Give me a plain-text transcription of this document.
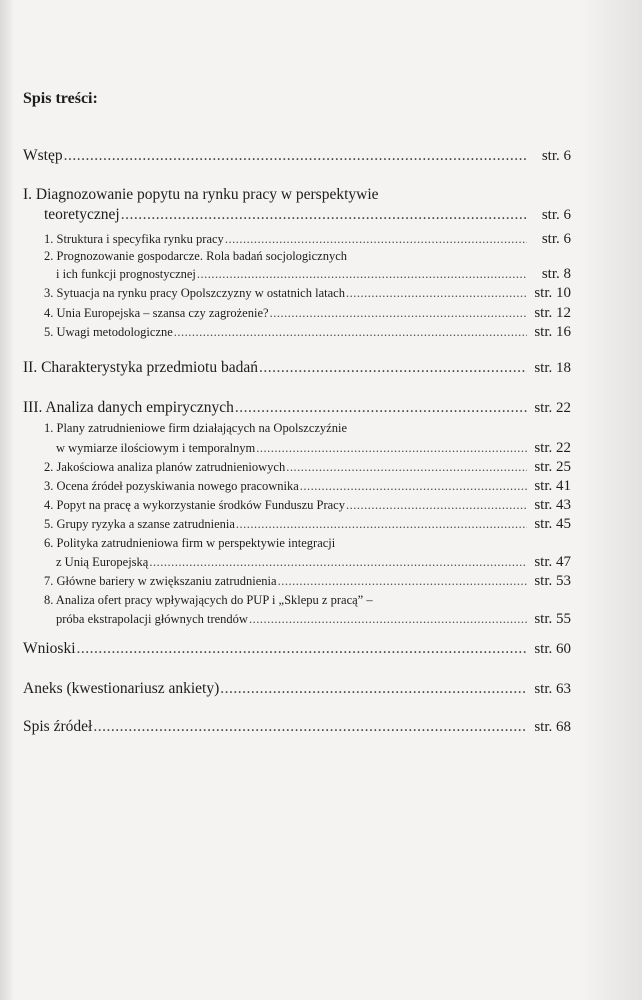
Spis treści:
Wstęp .....	str. 6
I. Diagnozowanie popytu na rynku pracy w perspektywie
teoretycznej .....	str. 6
1. Struktura i specyfika rynku pracy .....	str. 6
2. Prognozowanie gospodarcze. Rola badań socjologicznych
i ich funkcji prognostycznej .....	str. 8
3. Sytuacja na rynku pracy Opolszczyzny w ostatnich latach .....	str. 10
4. Unia Europejska – szansa czy zagrożenie? .....	str. 12
5. Uwagi metodologiczne .....	str. 16
II. Charakterystyka przedmiotu badań .....	str. 18
III. Analiza danych empirycznych .....	str. 22
1. Plany zatrudnieniowe firm działających na Opolszczyźnie
w wymiarze ilościowym i temporalnym .....	str. 22
2. Jakościowa analiza planów zatrudnieniowych .....	str. 25
3. Ocena źródeł pozyskiwania nowego pracownika .....	str. 41
4. Popyt na pracę a wykorzystanie środków Funduszu Pracy .....	str. 43
5. Grupy ryzyka a szanse zatrudnienia .....	str. 45
6. Polityka zatrudnieniowa firm w perspektywie integracji
z Unią Europejską .....	str. 47
7. Główne bariery w zwiększaniu zatrudnienia .....	str. 53
8. Analiza ofert pracy wpływających do PUP i „Sklepu z pracą” –
próba ekstrapolacji głównych trendów .....	str. 55
Wnioski .....	str. 60
Aneks (kwestionariusz ankiety) .....	str. 63
Spis źródeł .....	str. 68
